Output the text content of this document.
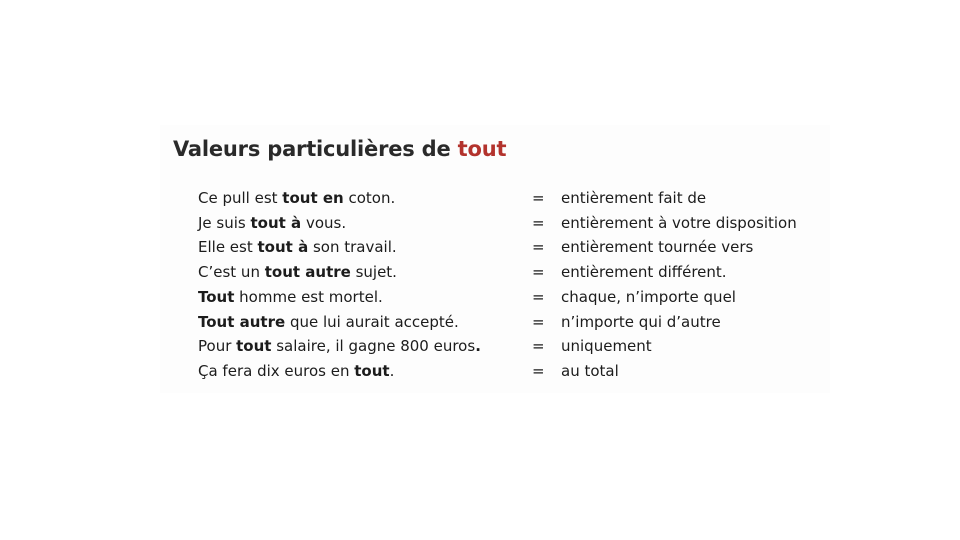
Valeurs particulières de tout
Ce pull est tout en coton.	= entièrement fait de
Je suis tout à vous.	= entièrement à votre disposition
Elle est tout à son travail.	= entièrement tournée vers
C’est un tout autre sujet.	= entièrement différent.
Tout homme est mortel.	= chaque, n’importe quel
Tout autre que lui aurait accepté.	= n’importe qui d’autre
Pour tout salaire, il gagne 800 euros.	= uniquement
Ça fera dix euros en tout.	= au total
